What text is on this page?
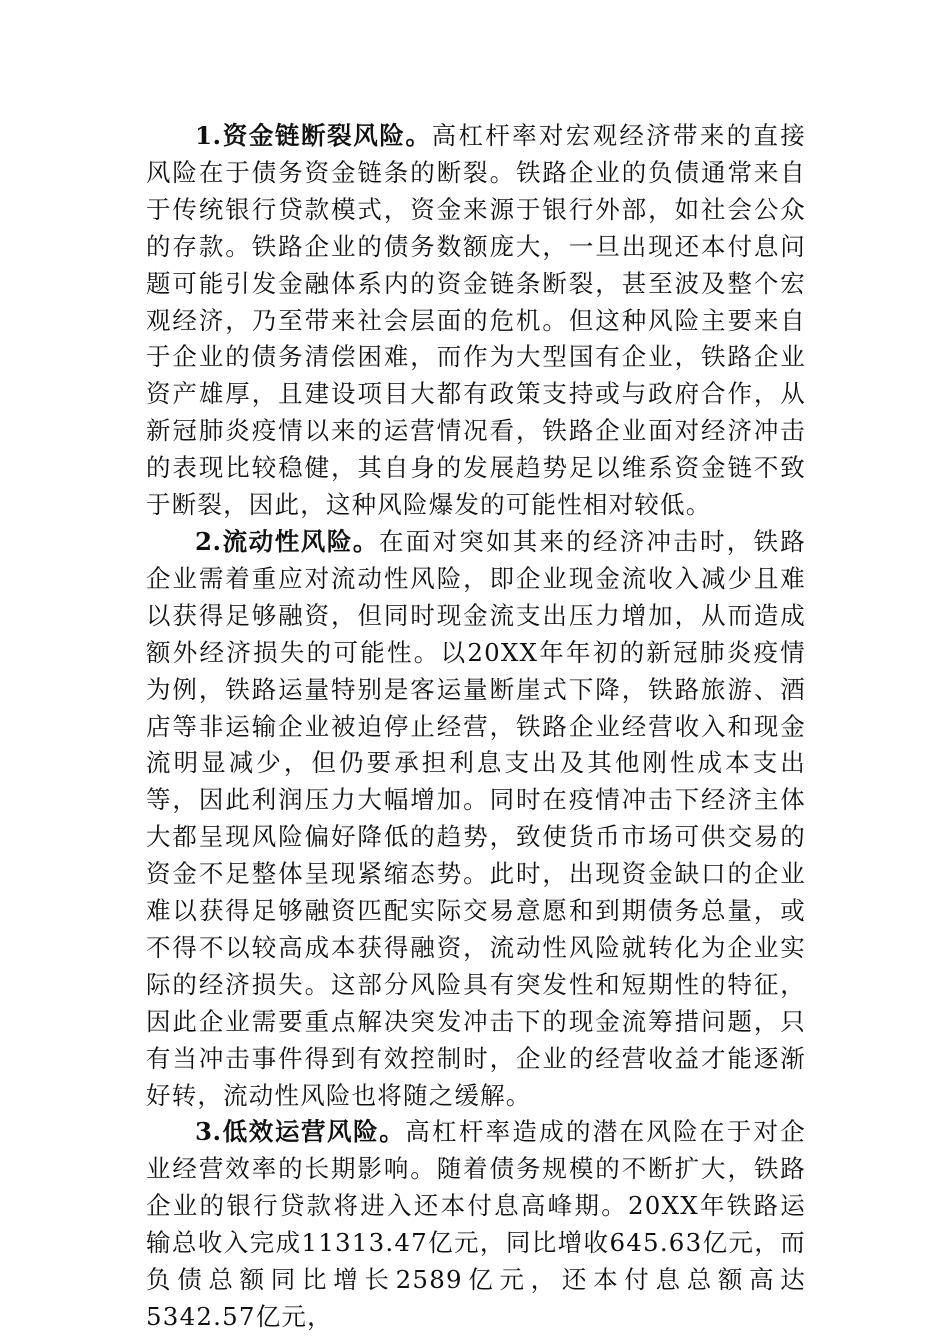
1.资金链断裂风险。高杠杆率对宏观经济带来的直接风险在于债务资金链条的断裂。铁路企业的负债通常来自于传统银行贷款模式，资金来源于银行外部，如社会公众的存款。铁路企业的债务数额庞大，一旦出现还本付息问题可能引发金融体系内的资金链条断裂，甚至波及整个宏观经济，乃至带来社会层面的危机。但这种风险主要来自于企业的债务清偿困难，而作为大型国有企业，铁路企业资产雄厚，且建设项目大都有政策支持或与政府合作，从新冠肺炎疫情以来的运营情况看，铁路企业面对经济冲击的表现比较稳健，其自身的发展趋势足以维系资金链不致于断裂，因此，这种风险爆发的可能性相对较低。

2.流动性风险。在面对突如其来的经济冲击时，铁路企业需着重应对流动性风险，即企业现金流收入减少且难以获得足够融资，但同时现金流支出压力增加，从而造成额外经济损失的可能性。以20XX年年初的新冠肺炎疫情为例，铁路运量特别是客运量断崖式下降，铁路旅游、酒店等非运输企业被迫停止经营，铁路企业经营收入和现金流明显减少，但仍要承担利息支出及其他刚性成本支出等，因此利润压力大幅增加。同时在疫情冲击下经济主体大都呈现风险偏好降低的趋势，致使货币市场可供交易的资金不足整体呈现紧缩态势。此时，出现资金缺口的企业难以获得足够融资匹配实际交易意愿和到期债务总量，或不得不以较高成本获得融资，流动性风险就转化为企业实际的经济损失。这部分风险具有突发性和短期性的特征，因此企业需要重点解决突发冲击下的现金流筹措问题，只有当冲击事件得到有效控制时，企业的经营收益才能逐渐好转，流动性风险也将随之缓解。

3.低效运营风险。高杠杆率造成的潜在风险在于对企业经营效率的长期影响。随着债务规模的不断扩大，铁路企业的银行贷款将进入还本付息高峰期。20XX年铁路运输总收入完成11313.47亿元，同比增收645.63亿元，而负债总额同比增长2589亿元，还本付息总额高达5342.57亿元，
